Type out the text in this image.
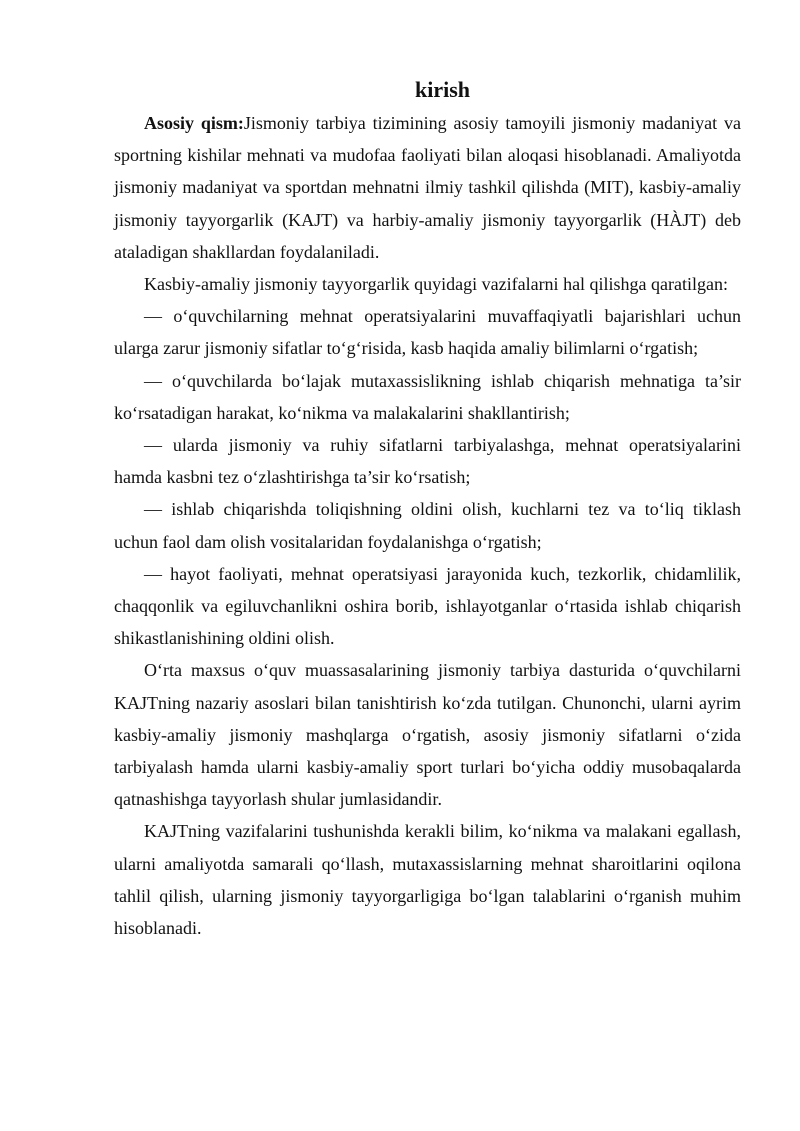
kirish

Asosiy qism:Jismoniy tarbiya tizimining asosiy tamoyili jismoniy madaniyat va sportning kishilar mehnati va mudofaa faoliyati bilan aloqasi hisoblanadi. Amaliyotda jismoniy madaniyat va sportdan mehnatni ilmiy tashkil qilishda (MIT), kasbiy-amaliy jismoniy tayyorgarlik (KAJT) va harbiy-amaliy jismoniy tayyorgarlik (HÀJT) deb ataladigan shakllardan foydalaniladi.

Kasbiy-amaliy jismoniy tayyorgarlik quyidagi vazifalarni hal qilishga qaratilgan:

— o‘quvchilarning mehnat operatsiyalarini muvaffaqiyatli bajarishlari uchun ularga zarur jismoniy sifatlar to‘g‘risida, kasb haqida amaliy bilimlarni o‘rgatish;

— o‘quvchilarda bo‘lajak mutaxassislikning ishlab chiqarish mehnatiga ta’sir ko‘rsatadigan harakat, ko‘nikma va malakalarini shakllantirish;

— ularda jismoniy va ruhiy sifatlarni tarbiyalashga, mehnat operatsiyalarini hamda kasbni tez o‘zlashtirishga ta’sir ko‘rsatish;

— ishlab chiqarishda toliqishning oldini olish, kuchlarni tez va to‘liq tiklash uchun faol dam olish vositalaridan foydalanishga o‘rgatish;

— hayot faoliyati, mehnat operatsiyasi jarayonida kuch, tezkorlik, chidamlilik, chaqqonlik va egiluvchanlikni oshira borib, ishlayotganlar o‘rtasida ishlab chiqarish shikastlanishining oldini olish.

O‘rta maxsus o‘quv muassasalarining jismoniy tarbiya dasturida o‘quvchilarni KAJTning nazariy asoslari bilan tanishtirish ko‘zda tutilgan. Chunonchi, ularni ayrim kasbiy-amaliy jismoniy mashqlarga o‘rgatish, asosiy jismoniy sifatlarni o‘zida tarbiyalash hamda ularni kasbiy-amaliy sport turlari bo‘yicha oddiy musobaqalarda qatnashishga tayyorlash shular jumlasidandir.

KAJTning vazifalarini tushunishda kerakli bilim, ko‘nikma va malakani egallash, ularni amaliyotda samarali qo‘llash, mutaxassislarning mehnat sharoitlarini oqilona tahlil qilish, ularning jismoniy tayyorgarligiga bo‘lgan talablarini o‘rganish muhim hisoblanadi.
